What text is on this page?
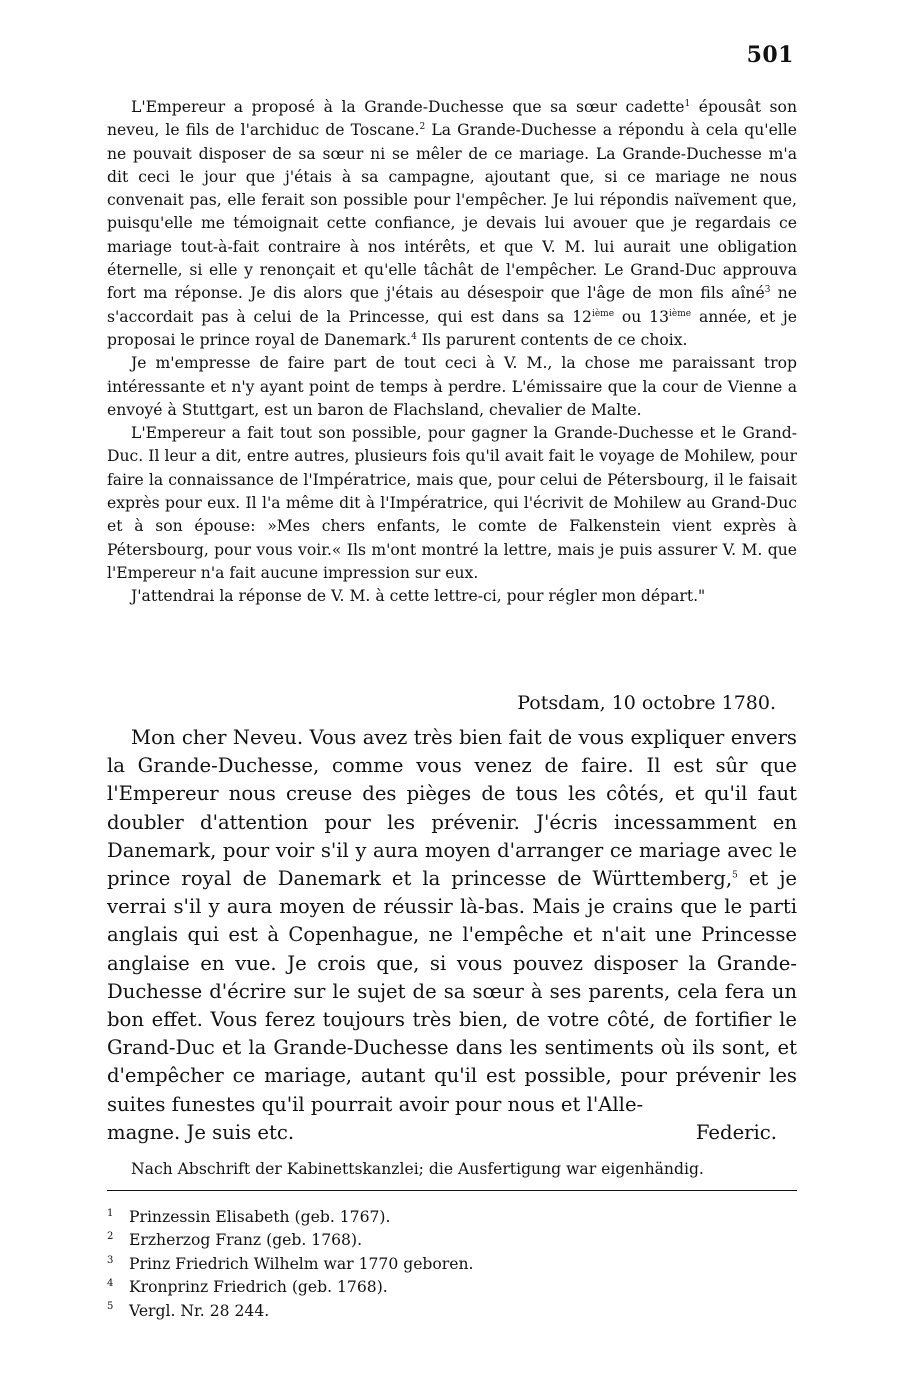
501

L'Empereur a proposé à la Grande-Duchesse que sa sœur cadette$^1$ épousât son neveu, le fils de l'archiduc de Toscane.$^2$ La Grande-Duchesse a répondu à cela qu'elle ne pouvait disposer de sa sœur ni se mêler de ce mariage. La Grande-Duchesse m'a dit ceci le jour que j'étais à sa campagne, ajoutant que, si ce mariage ne nous convenait pas, elle ferait son possible pour l'empêcher. Je lui répondis naïvement que, puisqu'elle me témoignait cette confiance, je devais lui avouer que je regardais ce mariage tout-à-fait contraire à nos intérêts, et que V. M. lui aurait une obligation éternelle, si elle y renonçait et qu'elle tâchât de l'empêcher. Le Grand-Duc approuva fort ma réponse. Je dis alors que j'étais au désespoir que l'âge de mon fils aîné$^3$ ne s'accordait pas à celui de la Princesse, qui est dans sa 12ième ou 13ième année, et je proposai le prince royal de Danemark.$^4$ Ils parurent contents de ce choix.

Je m'empresse de faire part de tout ceci à V. M., la chose me paraissant trop intéressante et n'y ayant point de temps à perdre. L'émissaire que la cour de Vienne a envoyé à Stuttgart, est un baron de Flachsland, chevalier de Malte.

L'Empereur a fait tout son possible, pour gagner la Grande-Duchesse et le Grand-Duc. Il leur a dit, entre autres, plusieurs fois qu'il avait fait le voyage de Mohilew, pour faire la connaissance de l'Impératrice, mais que, pour celui de Pétersbourg, il le faisait exprès pour eux. Il l'a même dit à l'Impératrice, qui l'écrivit de Mohilew au Grand-Duc et à son épouse: »Mes chers enfants, le comte de Falkenstein vient exprès à Pétersbourg, pour vous voir.« Ils m'ont montré la lettre, mais je puis assurer V. M. que l'Empereur n'a fait aucune impression sur eux.

J'attendrai la réponse de V. M. à cette lettre-ci, pour régler mon départ."

Potsdam, 10 octobre 1780.

Mon cher Neveu. Vous avez très bien fait de vous expliquer envers la Grande-Duchesse, comme vous venez de faire. Il est sûr que l'Empereur nous creuse des pièges de tous les côtés, et qu'il faut doubler d'attention pour les prévenir. J'écris incessamment en Danemark, pour voir s'il y aura moyen d'arranger ce mariage avec le prince royal de Danemark et la princesse de Württemberg,$^5$ et je verrai s'il y aura moyen de réussir là-bas. Mais je crains que le parti anglais qui est à Copenhague, ne l'empêche et n'ait une Princesse anglaise en vue. Je crois que, si vous pouvez disposer la Grande-Duchesse d'écrire sur le sujet de sa sœur à ses parents, cela fera un bon effet. Vous ferez toujours très bien, de votre côté, de fortifier le Grand-Duc et la Grande-Duchesse dans les sentiments où ils sont, et d'empêcher ce mariage, autant qu'il est possible, pour prévenir les suites funestes qu'il pourrait avoir pour nous et l'Alle-

magne. Je suis etc.	Federic.
Nach Abschrift der Kabinettskanzlei; die Ausfertigung war eigenhändig.
1 Prinzessin Elisabeth (geb. 1767).
2 Erzherzog Franz (geb. 1768).
3 Prinz Friedrich Wilhelm war 1770 geboren.
4 Kronprinz Friedrich (geb. 1768).
5 Vergl. Nr. 28 244.
